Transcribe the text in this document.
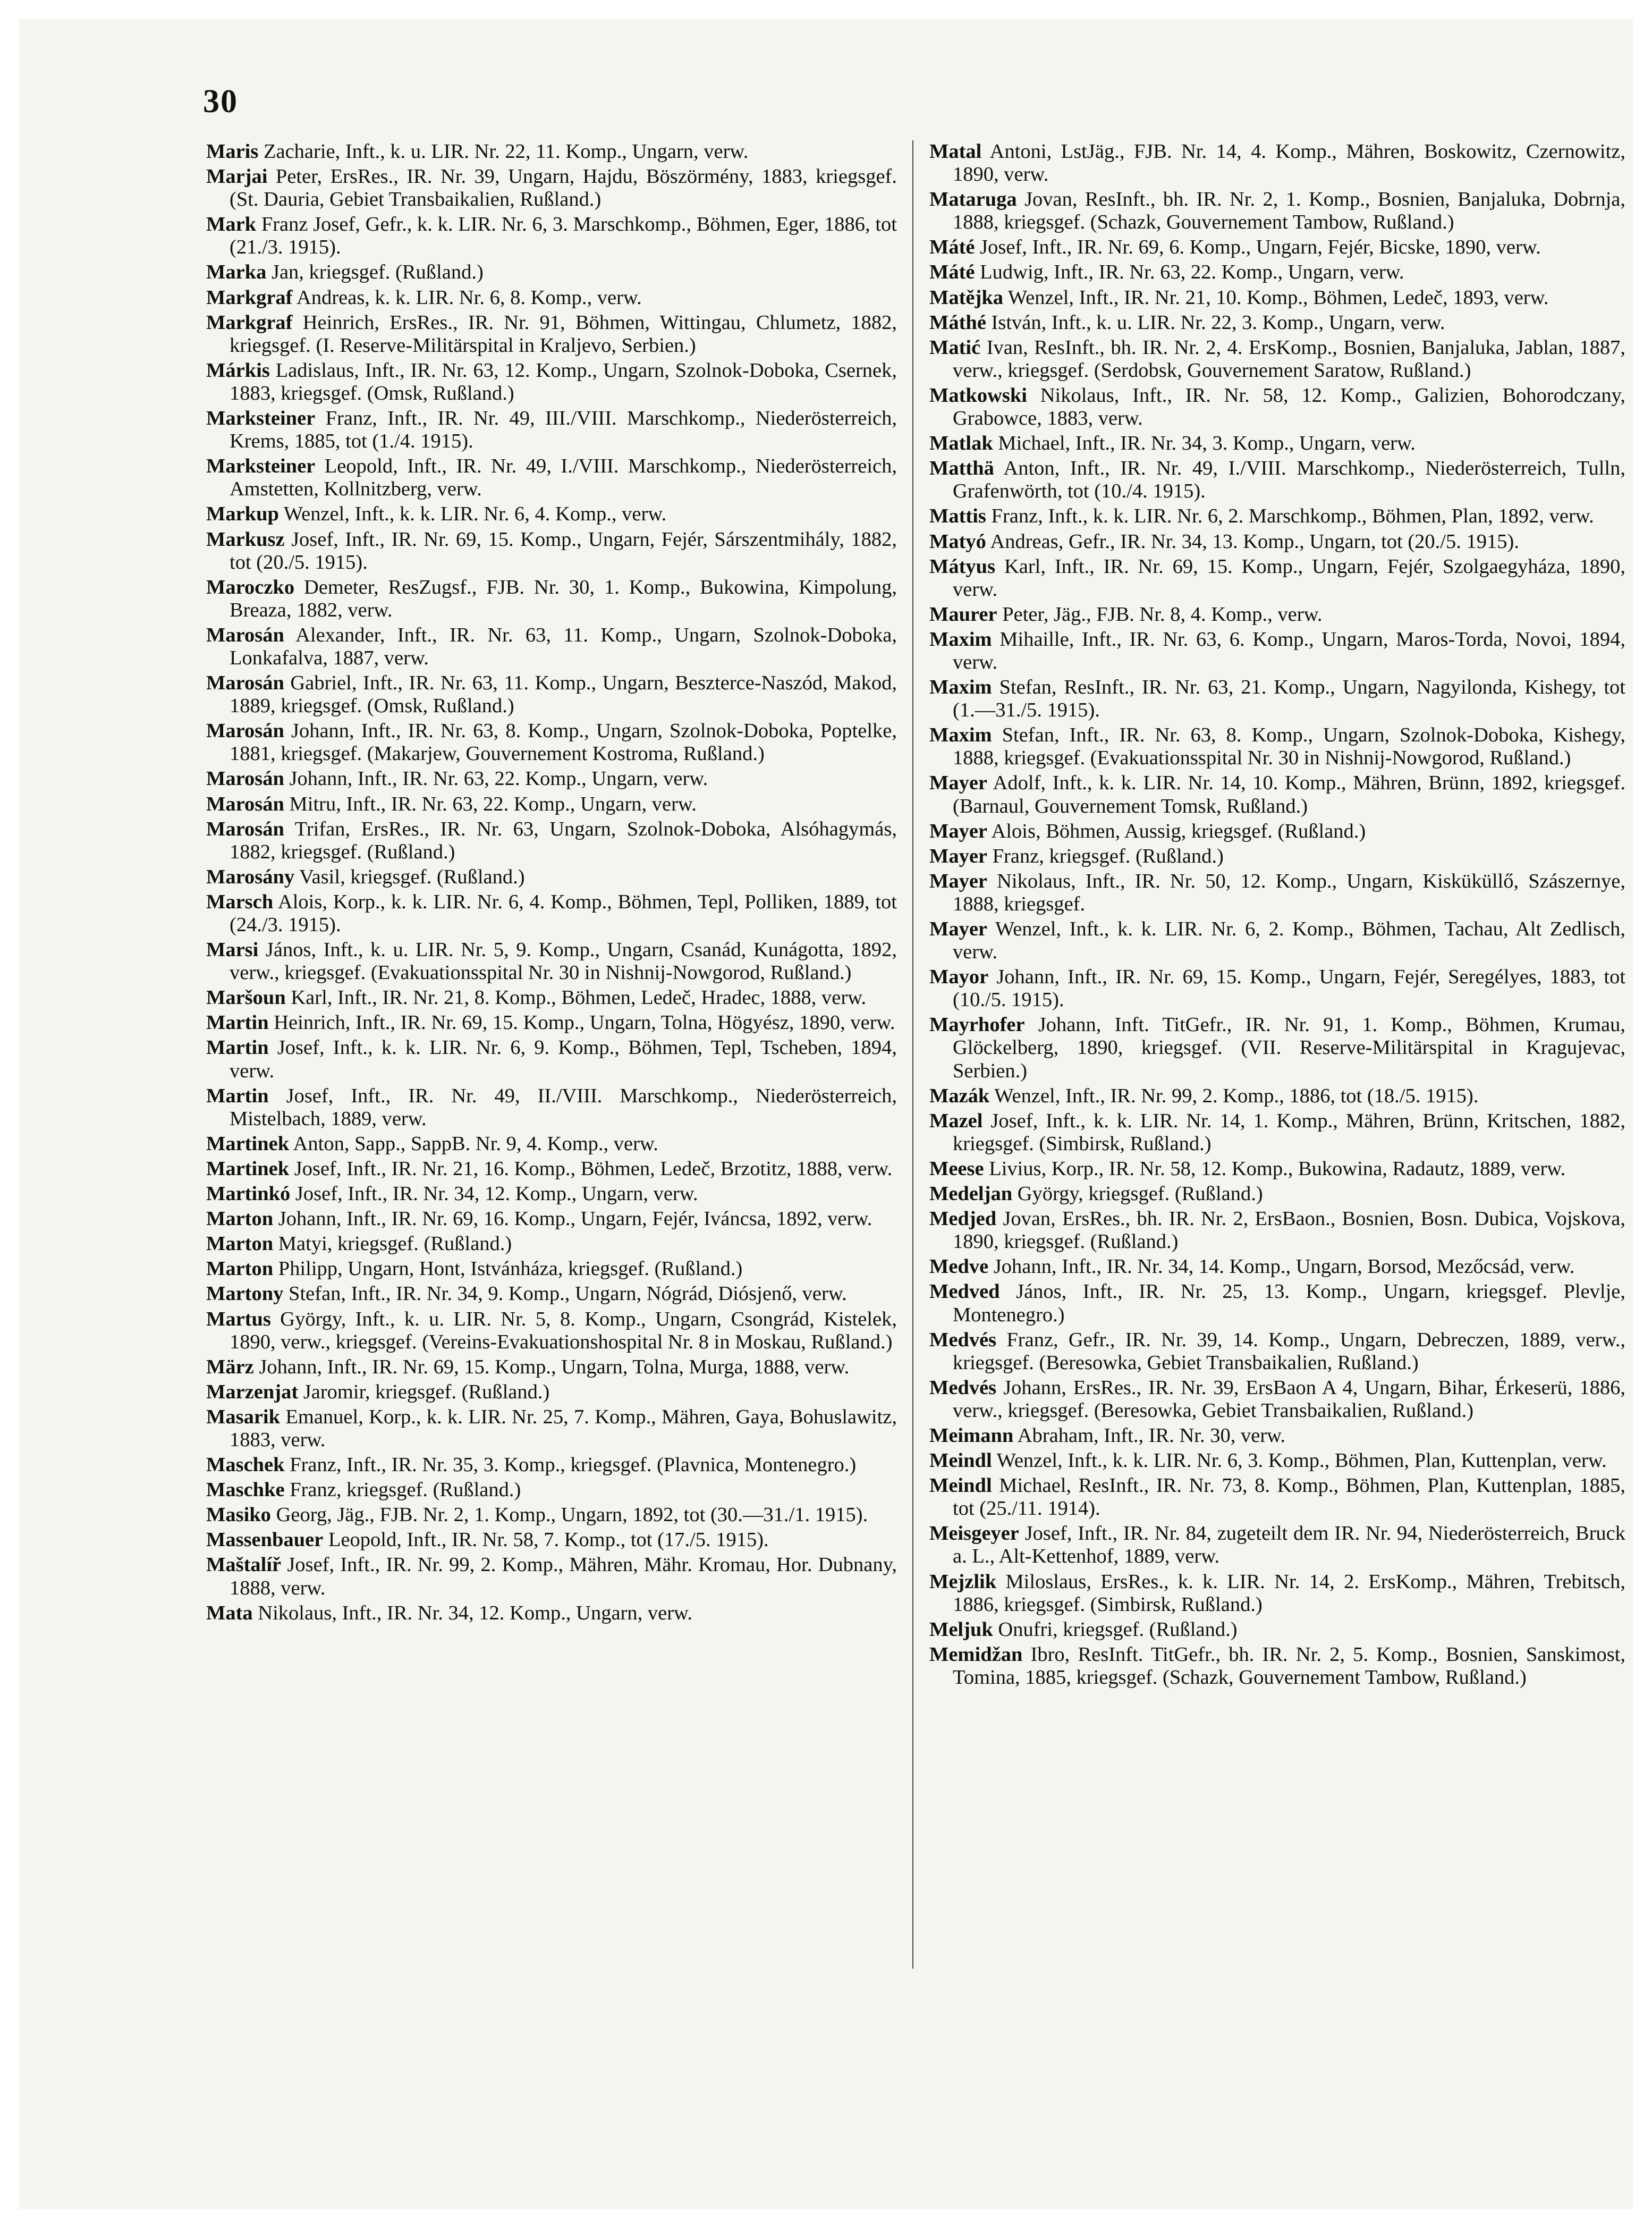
30

Maris Zacharie, Inft., k. u. LIR. Nr. 22, 11. Komp., Ungarn, verw.

Marjai Peter, ErsRes., IR. Nr. 39, Ungarn, Hajdu, Böszörmény, 1883, kriegsgef. (St. Dauria, Gebiet Transbaikalien, Rußland.)

Mark Franz Josef, Gefr., k. k. LIR. Nr. 6, 3. Marschkomp., Böhmen, Eger, 1886, tot (21./3. 1915).

Marka Jan, kriegsgef. (Rußland.)

Markgraf Andreas, k. k. LIR. Nr. 6, 8. Komp., verw.

Markgraf Heinrich, ErsRes., IR. Nr. 91, Böhmen, Wittingau, Chlumetz, 1882, kriegsgef. (I. Reserve-Militärspital in Kraljevo, Serbien.)

Márkis Ladislaus, Inft., IR. Nr. 63, 12. Komp., Ungarn, Szolnok-Doboka, Csernek, 1883, kriegsgef. (Omsk, Rußland.)

Marksteiner Franz, Inft., IR. Nr. 49, III./VIII. Marschkomp., Niederösterreich, Krems, 1885, tot (1./4. 1915).

Marksteiner Leopold, Inft., IR. Nr. 49, I./VIII. Marschkomp., Niederösterreich, Amstetten, Kollnitzberg, verw.

Markup Wenzel, Inft., k. k. LIR. Nr. 6, 4. Komp., verw.

Markusz Josef, Inft., IR. Nr. 69, 15. Komp., Ungarn, Fejér, Sárszentmihály, 1882, tot (20./5. 1915).

Maroczko Demeter, ResZugsf., FJB. Nr. 30, 1. Komp., Bukowina, Kimpolung, Breaza, 1882, verw.

Marosán Alexander, Inft., IR. Nr. 63, 11. Komp., Ungarn, Szolnok-Doboka, Lonkafalva, 1887, verw.

Marosán Gabriel, Inft., IR. Nr. 63, 11. Komp., Ungarn, Beszterce-Naszód, Makod, 1889, kriegsgef. (Omsk, Rußland.)

Marosán Johann, Inft., IR. Nr. 63, 8. Komp., Ungarn, Szolnok-Doboka, Poptelke, 1881, kriegsgef. (Makarjew, Gouvernement Kostroma, Rußland.)

Marosán Johann, Inft., IR. Nr. 63, 22. Komp., Ungarn, verw.

Marosán Mitru, Inft., IR. Nr. 63, 22. Komp., Ungarn, verw.

Marosán Trifan, ErsRes., IR. Nr. 63, Ungarn, Szolnok-Doboka, Alsóhagymás, 1882, kriegsgef. (Rußland.)

Marosány Vasil, kriegsgef. (Rußland.)

Marsch Alois, Korp., k. k. LIR. Nr. 6, 4. Komp., Böhmen, Tepl, Polliken, 1889, tot (24./3. 1915).

Marsi János, Inft., k. u. LIR. Nr. 5, 9. Komp., Ungarn, Csanád, Kunágotta, 1892, verw., kriegsgef. (Evakuationsspital Nr. 30 in Nishnij-Nowgorod, Rußland.)

Maršoun Karl, Inft., IR. Nr. 21, 8. Komp., Böhmen, Ledeč, Hradec, 1888, verw.

Martin Heinrich, Inft., IR. Nr. 69, 15. Komp., Ungarn, Tolna, Högyész, 1890, verw.

Martin Josef, Inft., k. k. LIR. Nr. 6, 9. Komp., Böhmen, Tepl, Tscheben, 1894, verw.

Martin Josef, Inft., IR. Nr. 49, II./VIII. Marschkomp., Niederösterreich, Mistelbach, 1889, verw.

Martinek Anton, Sapp., SappB. Nr. 9, 4. Komp., verw.

Martinek Josef, Inft., IR. Nr. 21, 16. Komp., Böhmen, Ledeč, Brzotitz, 1888, verw.

Martinkó Josef, Inft., IR. Nr. 34, 12. Komp., Ungarn, verw.

Marton Johann, Inft., IR. Nr. 69, 16. Komp., Ungarn, Fejér, Iváncsa, 1892, verw.

Marton Matyi, kriegsgef. (Rußland.)

Marton Philipp, Ungarn, Hont, Istvánháza, kriegsgef. (Rußland.)

Martony Stefan, Inft., IR. Nr. 34, 9. Komp., Ungarn, Nógrád, Diósjenő, verw.

Martus György, Inft., k. u. LIR. Nr. 5, 8. Komp., Ungarn, Csongrád, Kistelek, 1890, verw., kriegsgef. (Vereins-Evakuationshospital Nr. 8 in Moskau, Rußland.)

März Johann, Inft., IR. Nr. 69, 15. Komp., Ungarn, Tolna, Murga, 1888, verw.

Marzenjat Jaromir, kriegsgef. (Rußland.)

Masarik Emanuel, Korp., k. k. LIR. Nr. 25, 7. Komp., Mähren, Gaya, Bohuslawitz, 1883, verw.

Maschek Franz, Inft., IR. Nr. 35, 3. Komp., kriegsgef. (Plavnica, Montenegro.)

Maschke Franz, kriegsgef. (Rußland.)

Masiko Georg, Jäg., FJB. Nr. 2, 1. Komp., Ungarn, 1892, tot (30.—31./1. 1915).

Massenbauer Leopold, Inft., IR. Nr. 58, 7. Komp., tot (17./5. 1915).

Maštalíř Josef, Inft., IR. Nr. 99, 2. Komp., Mähren, Mähr. Kromau, Hor. Dubnany, 1888, verw.

Mata Nikolaus, Inft., IR. Nr. 34, 12. Komp., Ungarn, verw.

Matal Antoni, LstJäg., FJB. Nr. 14, 4. Komp., Mähren, Boskowitz, Czernowitz, 1890, verw.

Mataruga Jovan, ResInft., bh. IR. Nr. 2, 1. Komp., Bosnien, Banjaluka, Dobrnja, 1888, kriegsgef. (Schazk, Gouvernement Tambow, Rußland.)

Máté Josef, Inft., IR. Nr. 69, 6. Komp., Ungarn, Fejér, Bicske, 1890, verw.

Máté Ludwig, Inft., IR. Nr. 63, 22. Komp., Ungarn, verw.

Matějka Wenzel, Inft., IR. Nr. 21, 10. Komp., Böhmen, Ledeč, 1893, verw.

Máthé István, Inft., k. u. LIR. Nr. 22, 3. Komp., Ungarn, verw.

Matić Ivan, ResInft., bh. IR. Nr. 2, 4. ErsKomp., Bosnien, Banjaluka, Jablan, 1887, verw., kriegsgef. (Serdobsk, Gouvernement Saratow, Rußland.)

Matkowski Nikolaus, Inft., IR. Nr. 58, 12. Komp., Galizien, Bohorodczany, Grabowce, 1883, verw.

Matlak Michael, Inft., IR. Nr. 34, 3. Komp., Ungarn, verw.

Matthä Anton, Inft., IR. Nr. 49, I./VIII. Marschkomp., Niederösterreich, Tulln, Grafenwörth, tot (10./4. 1915).

Mattis Franz, Inft., k. k. LIR. Nr. 6, 2. Marschkomp., Böhmen, Plan, 1892, verw.

Matyó Andreas, Gefr., IR. Nr. 34, 13. Komp., Ungarn, tot (20./5. 1915).

Mátyus Karl, Inft., IR. Nr. 69, 15. Komp., Ungarn, Fejér, Szolgaegyháza, 1890, verw.

Maurer Peter, Jäg., FJB. Nr. 8, 4. Komp., verw.

Maxim Mihaille, Inft., IR. Nr. 63, 6. Komp., Ungarn, Maros-Torda, Novoi, 1894, verw.

Maxim Stefan, ResInft., IR. Nr. 63, 21. Komp., Ungarn, Nagyilonda, Kishegy, tot (1.—31./5. 1915).

Maxim Stefan, Inft., IR. Nr. 63, 8. Komp., Ungarn, Szolnok-Doboka, Kishegy, 1888, kriegsgef. (Evakuationsspital Nr. 30 in Nishnij-Nowgorod, Rußland.)

Mayer Adolf, Inft., k. k. LIR. Nr. 14, 10. Komp., Mähren, Brünn, 1892, kriegsgef. (Barnaul, Gouvernement Tomsk, Rußland.)

Mayer Alois, Böhmen, Aussig, kriegsgef. (Rußland.)

Mayer Franz, kriegsgef. (Rußland.)

Mayer Nikolaus, Inft., IR. Nr. 50, 12. Komp., Ungarn, Kisküküllő, Szászernye, 1888, kriegsgef.

Mayer Wenzel, Inft., k. k. LIR. Nr. 6, 2. Komp., Böhmen, Tachau, Alt Zedlisch, verw.

Mayor Johann, Inft., IR. Nr. 69, 15. Komp., Ungarn, Fejér, Seregélyes, 1883, tot (10./5. 1915).

Mayrhofer Johann, Inft. TitGefr., IR. Nr. 91, 1. Komp., Böhmen, Krumau, Glöckelberg, 1890, kriegsgef. (VII. Reserve-Militärspital in Kragujevac, Serbien.)

Mazák Wenzel, Inft., IR. Nr. 99, 2. Komp., 1886, tot (18./5. 1915).

Mazel Josef, Inft., k. k. LIR. Nr. 14, 1. Komp., Mähren, Brünn, Kritschen, 1882, kriegsgef. (Simbirsk, Rußland.)

Meese Livius, Korp., IR. Nr. 58, 12. Komp., Bukowina, Radautz, 1889, verw.

Medeljan György, kriegsgef. (Rußland.)

Medjed Jovan, ErsRes., bh. IR. Nr. 2, ErsBaon., Bosnien, Bosn. Dubica, Vojskova, 1890, kriegsgef. (Rußland.)

Medve Johann, Inft., IR. Nr. 34, 14. Komp., Ungarn, Borsod, Mezőcsád, verw.

Medved János, Inft., IR. Nr. 25, 13. Komp., Ungarn, kriegsgef. Plevlje, Montenegro.)

Medvés Franz, Gefr., IR. Nr. 39, 14. Komp., Ungarn, Debreczen, 1889, verw., kriegsgef. (Beresowka, Gebiet Transbaikalien, Rußland.)

Medvés Johann, ErsRes., IR. Nr. 39, ErsBaon A 4, Ungarn, Bihar, Érkeserü, 1886, verw., kriegsgef. (Beresowka, Gebiet Transbaikalien, Rußland.)

Meimann Abraham, Inft., IR. Nr. 30, verw.

Meindl Wenzel, Inft., k. k. LIR. Nr. 6, 3. Komp., Böhmen, Plan, Kuttenplan, verw.

Meindl Michael, ResInft., IR. Nr. 73, 8. Komp., Böhmen, Plan, Kuttenplan, 1885, tot (25./11. 1914).

Meisgeyer Josef, Inft., IR. Nr. 84, zugeteilt dem IR. Nr. 94, Niederösterreich, Bruck a. L., Alt-Kettenhof, 1889, verw.

Mejzlik Miloslaus, ErsRes., k. k. LIR. Nr. 14, 2. ErsKomp., Mähren, Trebitsch, 1886, kriegsgef. (Simbirsk, Rußland.)

Meljuk Onufri, kriegsgef. (Rußland.)

Memidžan Ibro, ResInft. TitGefr., bh. IR. Nr. 2, 5. Komp., Bosnien, Sanskimost, Tomina, 1885, kriegsgef. (Schazk, Gouvernement Tambow, Rußland.)
